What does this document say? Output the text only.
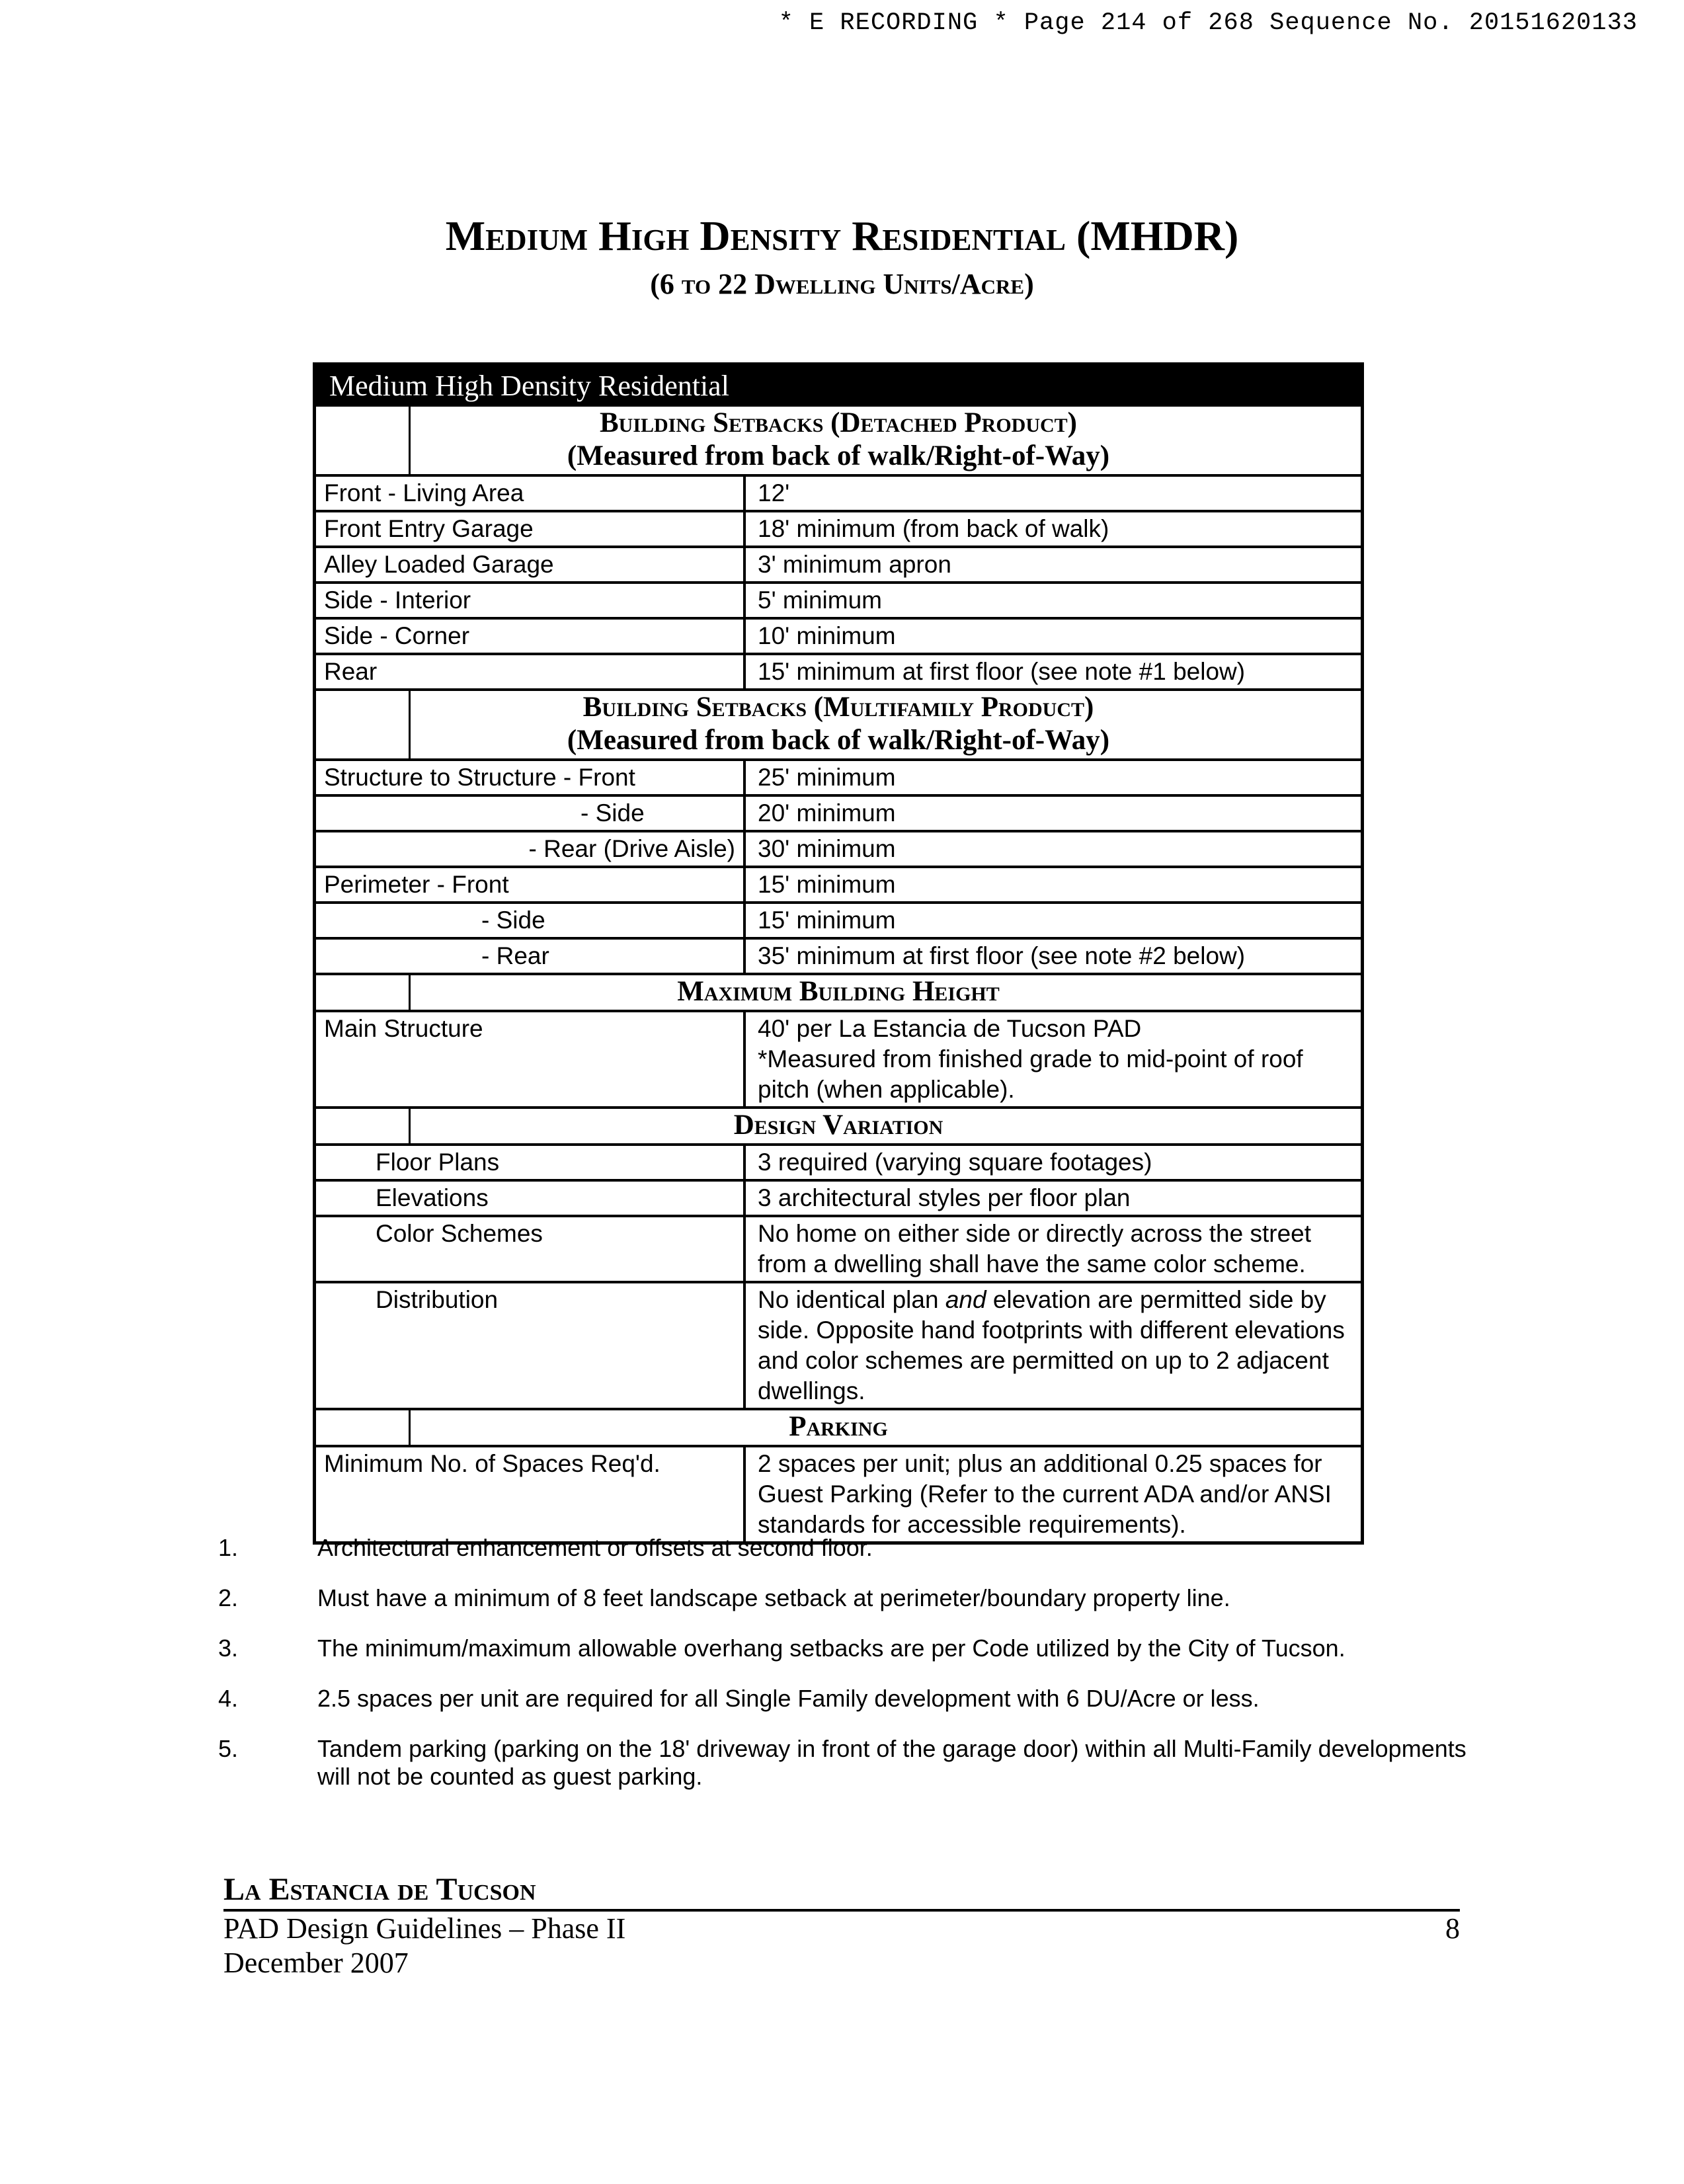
* E RECORDING * Page 214 of 268 Sequence No. 20151620133
Medium High Density Residential (MHDR)
(6 to 22 Dwelling Units/Acre)
Medium High Density Residential
Building Setbacks (Detached Product)
(Measured from back of walk/Right-of-Way)
Front - Living Area	12'
Front Entry Garage	18' minimum (from back of walk)
Alley Loaded Garage	3' minimum apron
Side - Interior	5' minimum
Side - Corner	10' minimum
Rear	15' minimum at first floor (see note #1 below)
Building Setbacks (Multifamily Product)
(Measured from back of walk/Right-of-Way)
Structure to Structure - Front	25' minimum
- Side	20' minimum
- Rear (Drive Aisle) 30' minimum
Perimeter - Front	15' minimum
- Side	15' minimum
- Rear	35' minimum at first floor (see note #2 below)
Maximum Building Height
Main Structure	40' per La Estancia de Tucson PAD
*Measured from finished grade to mid-point of roof pitch (when applicable).
Design Variation
Floor Plans	3 required (varying square footages)
Elevations	3 architectural styles per floor plan
Color Schemes	No home on either side or directly across the street from a dwelling shall have the same color scheme.
Distribution	No identical plan and elevation are permitted side by side. Opposite hand footprints with different elevations and color schemes are permitted on up to 2 adjacent dwellings.
Parking
Minimum No. of Spaces Req'd.	2 spaces per unit; plus an additional 0.25 spaces for Guest Parking (Refer to the current ADA and/or ANSI standards for accessible requirements).
1.	Architectural enhancement or offsets at second floor.
2.	Must have a minimum of 8 feet landscape setback at perimeter/boundary property line.
3.	The minimum/maximum allowable overhang setbacks are per Code utilized by the City of Tucson.
4.	2.5 spaces per unit are required for all Single Family development with 6 DU/Acre or less.
5.	Tandem parking (parking on the 18' driveway in front of the garage door) within all Multi-Family developments will not be counted as guest parking.
La Estancia de Tucson
PAD Design Guidelines – Phase II	8
December 2007
